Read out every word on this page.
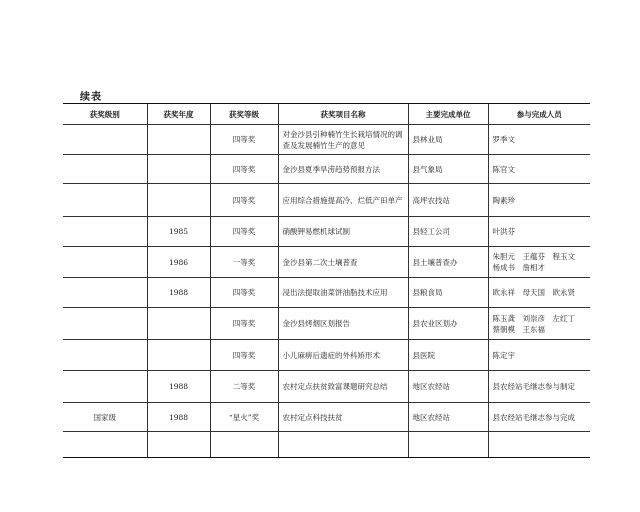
续表
获奖级别	获奖年度	获奖等级	获奖项目名称	主要完成单位	参与完成人员
		四等奖	对金沙县引种楠竹生长栽培情况的调查及发展楠竹生产的意见	县林业局	罗季文
		四等奖	金沙县夏季旱涝趋势预报方法	县气象局	陈官文
		四等奖	应用综合措施提高冷、烂低产田单产	高坪农技站	陶素珍
	1985	四等奖	硝酸钾易燃机球试制	县轻工公司	叶洪芬
	1986	一等奖	金沙县第二次土壤普查	县土壤普查办	朱胆元　王蕴芬　程玉文
杨成书　詹相才

	1988	四等奖	浸出法提取油菜饼油脂技术应用	县粮食局	欧永祥　母天国　欧永贤
		四等奖	金沙县烤烟区划报告	县农业区划办	陈玉龚　刘崇彦　左红丁
蔡朝模　王东福

		四等奖	小儿麻痹后遗症的外科矫形术	县医院	陈定宇
	1988	二等奖	农村定点扶贫致富课题研究总结	地区农经站	县农经站毛继志参与制定
国家级	1988	“星火”奖	农村定点科技扶贫	地区农经站	县农经站毛继志参与完成
